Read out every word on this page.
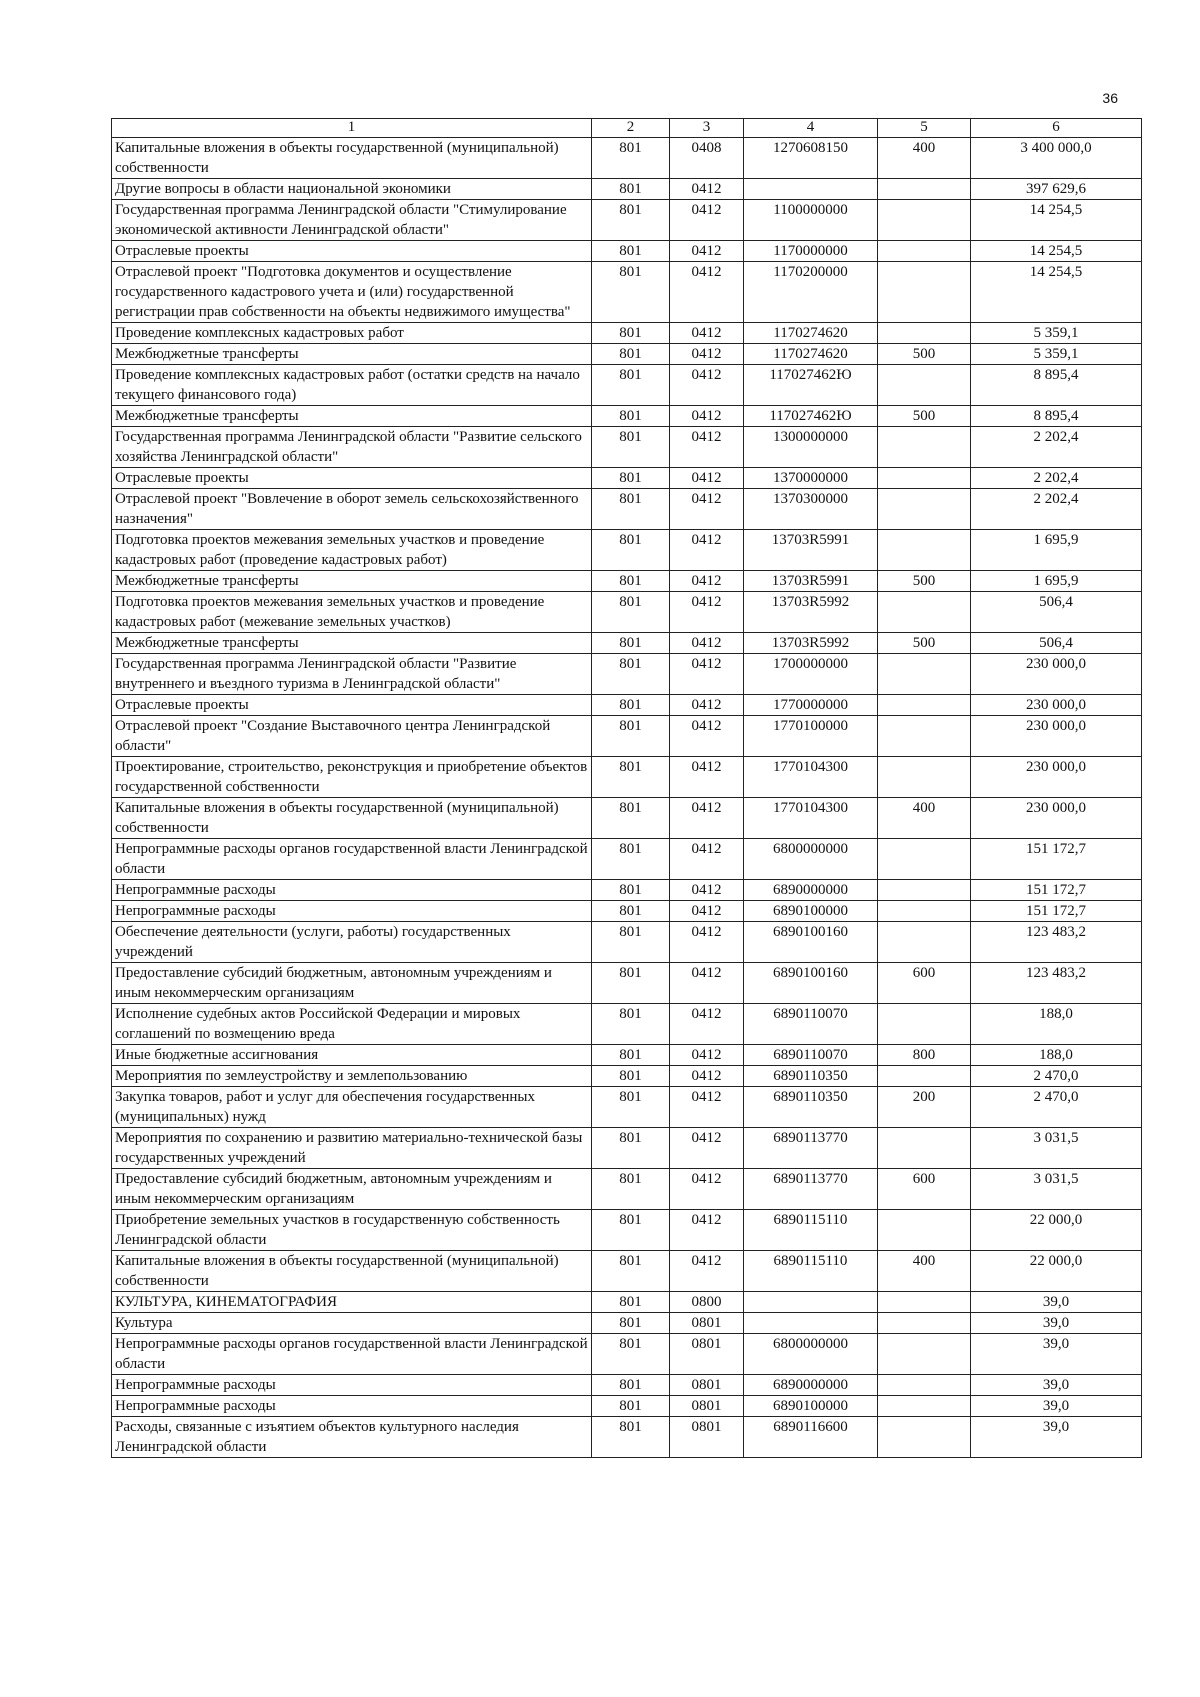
36
1	2	3	4	5	6
Капитальные вложения в объекты государственной (муниципальной) собственности	801	0408	1270608150	400	3 400 000,0
Другие вопросы в области национальной экономики	801	0412			397 629,6
Государственная программа Ленинградской области "Стимулирование экономической активности Ленинградской области"	801	0412	1100000000		14 254,5
Отраслевые проекты	801	0412	1170000000		14 254,5
Отраслевой проект "Подготовка документов и осуществление государственного кадастрового учета и (или) государственной регистрации прав собственности на объекты недвижимого имущества"	801	0412	1170200000		14 254,5
Проведение комплексных кадастровых работ	801	0412	1170274620		5 359,1
Межбюджетные трансферты	801	0412	1170274620	500	5 359,1
Проведение комплексных кадастровых работ (остатки средств на начало текущего финансового года)	801	0412	117027462Ю		8 895,4
Межбюджетные трансферты	801	0412	117027462Ю	500	8 895,4
Государственная программа Ленинградской области "Развитие сельского хозяйства Ленинградской области"	801	0412	1300000000		2 202,4
Отраслевые проекты	801	0412	1370000000		2 202,4
Отраслевой проект "Вовлечение в оборот земель сельскохозяйственного назначения"	801	0412	1370300000		2 202,4
Подготовка проектов межевания земельных участков и проведение кадастровых работ (проведение кадастровых работ)	801	0412	13703R5991		1 695,9
Межбюджетные трансферты	801	0412	13703R5991	500	1 695,9
Подготовка проектов межевания земельных участков и проведение кадастровых работ (межевание земельных участков)	801	0412	13703R5992		506,4
Межбюджетные трансферты	801	0412	13703R5992	500	506,4
Государственная программа Ленинградской области "Развитие внутреннего и въездного туризма в Ленинградской области"	801	0412	1700000000		230 000,0
Отраслевые проекты	801	0412	1770000000		230 000,0
Отраслевой проект "Создание Выставочного центра Ленинградской области"	801	0412	1770100000		230 000,0
Проектирование, строительство, реконструкция и приобретение объектов государственной собственности	801	0412	1770104300		230 000,0
Капитальные вложения в объекты государственной (муниципальной) собственности	801	0412	1770104300	400	230 000,0
Непрограммные расходы органов государственной власти Ленинградской области	801	0412	6800000000		151 172,7
Непрограммные расходы	801	0412	6890000000		151 172,7
Непрограммные расходы	801	0412	6890100000		151 172,7
Обеспечение деятельности (услуги, работы) государственных учреждений	801	0412	6890100160		123 483,2
Предоставление субсидий бюджетным, автономным учреждениям и иным некоммерческим организациям	801	0412	6890100160	600	123 483,2
Исполнение судебных актов Российской Федерации и мировых соглашений по возмещению вреда	801	0412	6890110070		188,0
Иные бюджетные ассигнования	801	0412	6890110070	800	188,0
Мероприятия по землеустройству и землепользованию	801	0412	6890110350		2 470,0
Закупка товаров, работ и услуг для обеспечения государственных (муниципальных) нужд	801	0412	6890110350	200	2 470,0
Мероприятия по сохранению и развитию материально-технической базы государственных учреждений	801	0412	6890113770		3 031,5
Предоставление субсидий бюджетным, автономным учреждениям и иным некоммерческим организациям	801	0412	6890113770	600	3 031,5
Приобретение земельных участков в государственную собственность Ленинградской области	801	0412	6890115110		22 000,0
Капитальные вложения в объекты государственной (муниципальной) собственности	801	0412	6890115110	400	22 000,0
КУЛЬТУРА, КИНЕМАТОГРАФИЯ	801	0800			39,0
Культура	801	0801			39,0
Непрограммные расходы органов государственной власти Ленинградской области	801	0801	6800000000		39,0
Непрограммные расходы	801	0801	6890000000		39,0
Непрограммные расходы	801	0801	6890100000		39,0
Расходы, связанные с изъятием объектов культурного наследия Ленинградской области	801	0801	6890116600		39,0
